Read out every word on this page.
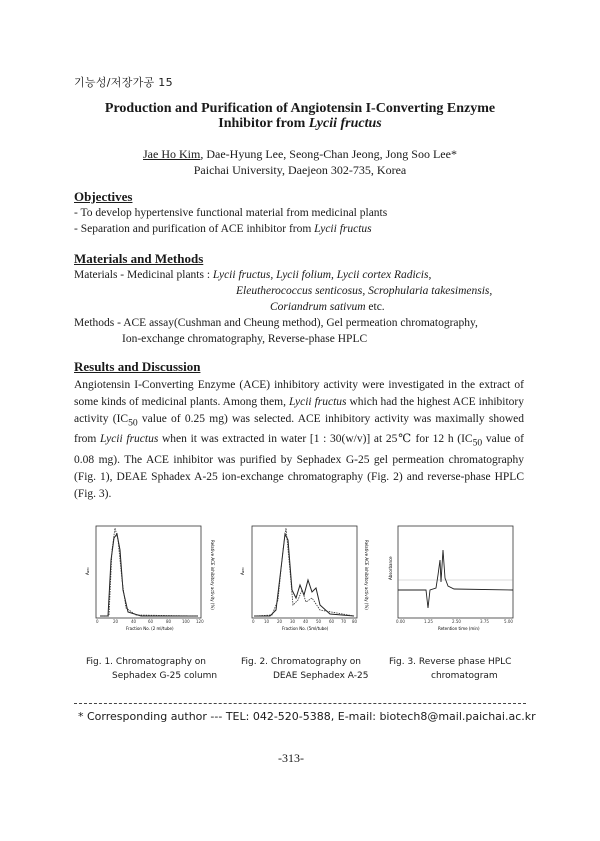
기능성/저장가공 15
Production and Purification of Angiotensin I-Converting Enzyme
Inhibitor from Lycii fructus
Jae Ho Kim, Dae-Hyung Lee, Seong-Chan Jeong, Jong Soo Lee*
Paichai University, Daejeon 302-735, Korea
Objectives
- To develop hypertensive functional material from medicinal plants
- Separation and purification of ACE inhibitor from Lycii fructus
Materials and Methods
Materials - Medicinal plants : Lycii fructus, Lycii folium, Lycii cortex Radicis,
Eleutherococcus senticosus, Scrophularia takesimensis,
Coriandrum sativum etc.
Methods - ACE assay(Cushman and Cheung method), Gel permeation chromatography,
Ion-exchange chromatography, Reverse-phase HPLC
Results and Discussion
Angiotensin I-Converting Enzyme (ACE) inhibitory activity were investigated in the extract of some kinds of medicinal plants. Among them, Lycii fructus which had the highest ACE inhibitory activity ($IC_{50}$ value of 0.25 mg) was selected. ACE inhibitory activity was maximally showed from Lycii fructus when it was extracted in water [1 : 30(w/v)] at 25℃ for 12 h ($IC_{50}$ value of 0.08 mg). The ACE inhibitor was purified by Sephadex G-25 gel permeation chromatography (Fig. 1), DEAE Sphadex A-25 ion-exchange chromatography (Fig. 2) and reverse-phase HPLC (Fig. 3).
A₂₈₀	Relative ACE inhibitory activity (%)
0	20	40	60	80	100 120
Fraction No. (2 ml/tube)
A₂₈₀	Relative ACE inhibitory activity (%)
0 10 20 30 40 50 60 70 80
Fraction No. (5ml/tube)
Absorbance
0.00	1.25	2.50	3.75	5.00
Retention time (min)
Fig. 1. Chromatography on
Sephadex G-25 column
Fig. 2. Chromatography on
DEAE Sephadex A-25
Fig. 3. Reverse phase HPLC
chromatogram
* Corresponding author --- TEL: 042-520-5388, E-mail: biotech8@mail.paichai.ac.kr
-313-
